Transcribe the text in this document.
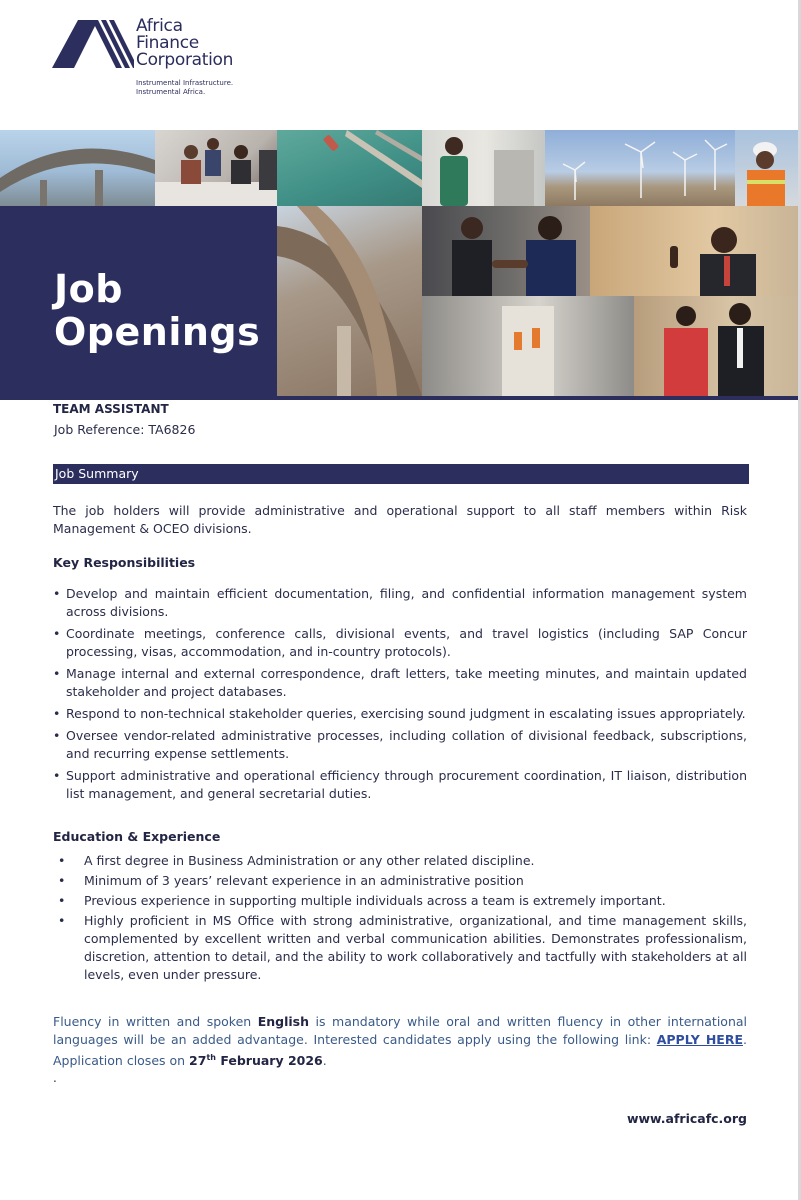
Africa
Finance
Corporation
Instrumental Infrastructure.
Instrumental Africa.
Job
Openings
TEAM ASSISTANT
Job Reference: TA6826
Job Summary
The job holders will provide administrative and operational support to all staff members within Risk Management & OCEO divisions.
Key Responsibilities
• Develop and maintain efficient documentation, filing, and confidential information management system across divisions.
• Coordinate meetings, conference calls, divisional events, and travel logistics (including SAP Concur processing, visas, accommodation, and in-country protocols).
• Manage internal and external correspondence, draft letters, take meeting minutes, and maintain updated stakeholder and project databases.
• Respond to non-technical stakeholder queries, exercising sound judgment in escalating issues appropriately.
• Oversee vendor-related administrative processes, including collation of divisional feedback, subscriptions, and recurring expense settlements.
• Support administrative and operational efficiency through procurement coordination, IT liaison, distribution list management, and general secretarial duties.
Education & Experience
• A first degree in Business Administration or any other related discipline.
• Minimum of 3 years’ relevant experience in an administrative position
• Previous experience in supporting multiple individuals across a team is extremely important.
• Highly proficient in MS Office with strong administrative, organizational, and time management skills, complemented by excellent written and verbal communication abilities. Demonstrates professionalism, discretion, attention to detail, and the ability to work collaboratively and tactfully with stakeholders at all levels, even under pressure.
Fluency in written and spoken English is mandatory while oral and written fluency in other international languages will be an added advantage. Interested candidates apply using the following link: APPLY HERE. Application closes on 27th February 2026.
.
www.africafc.org
